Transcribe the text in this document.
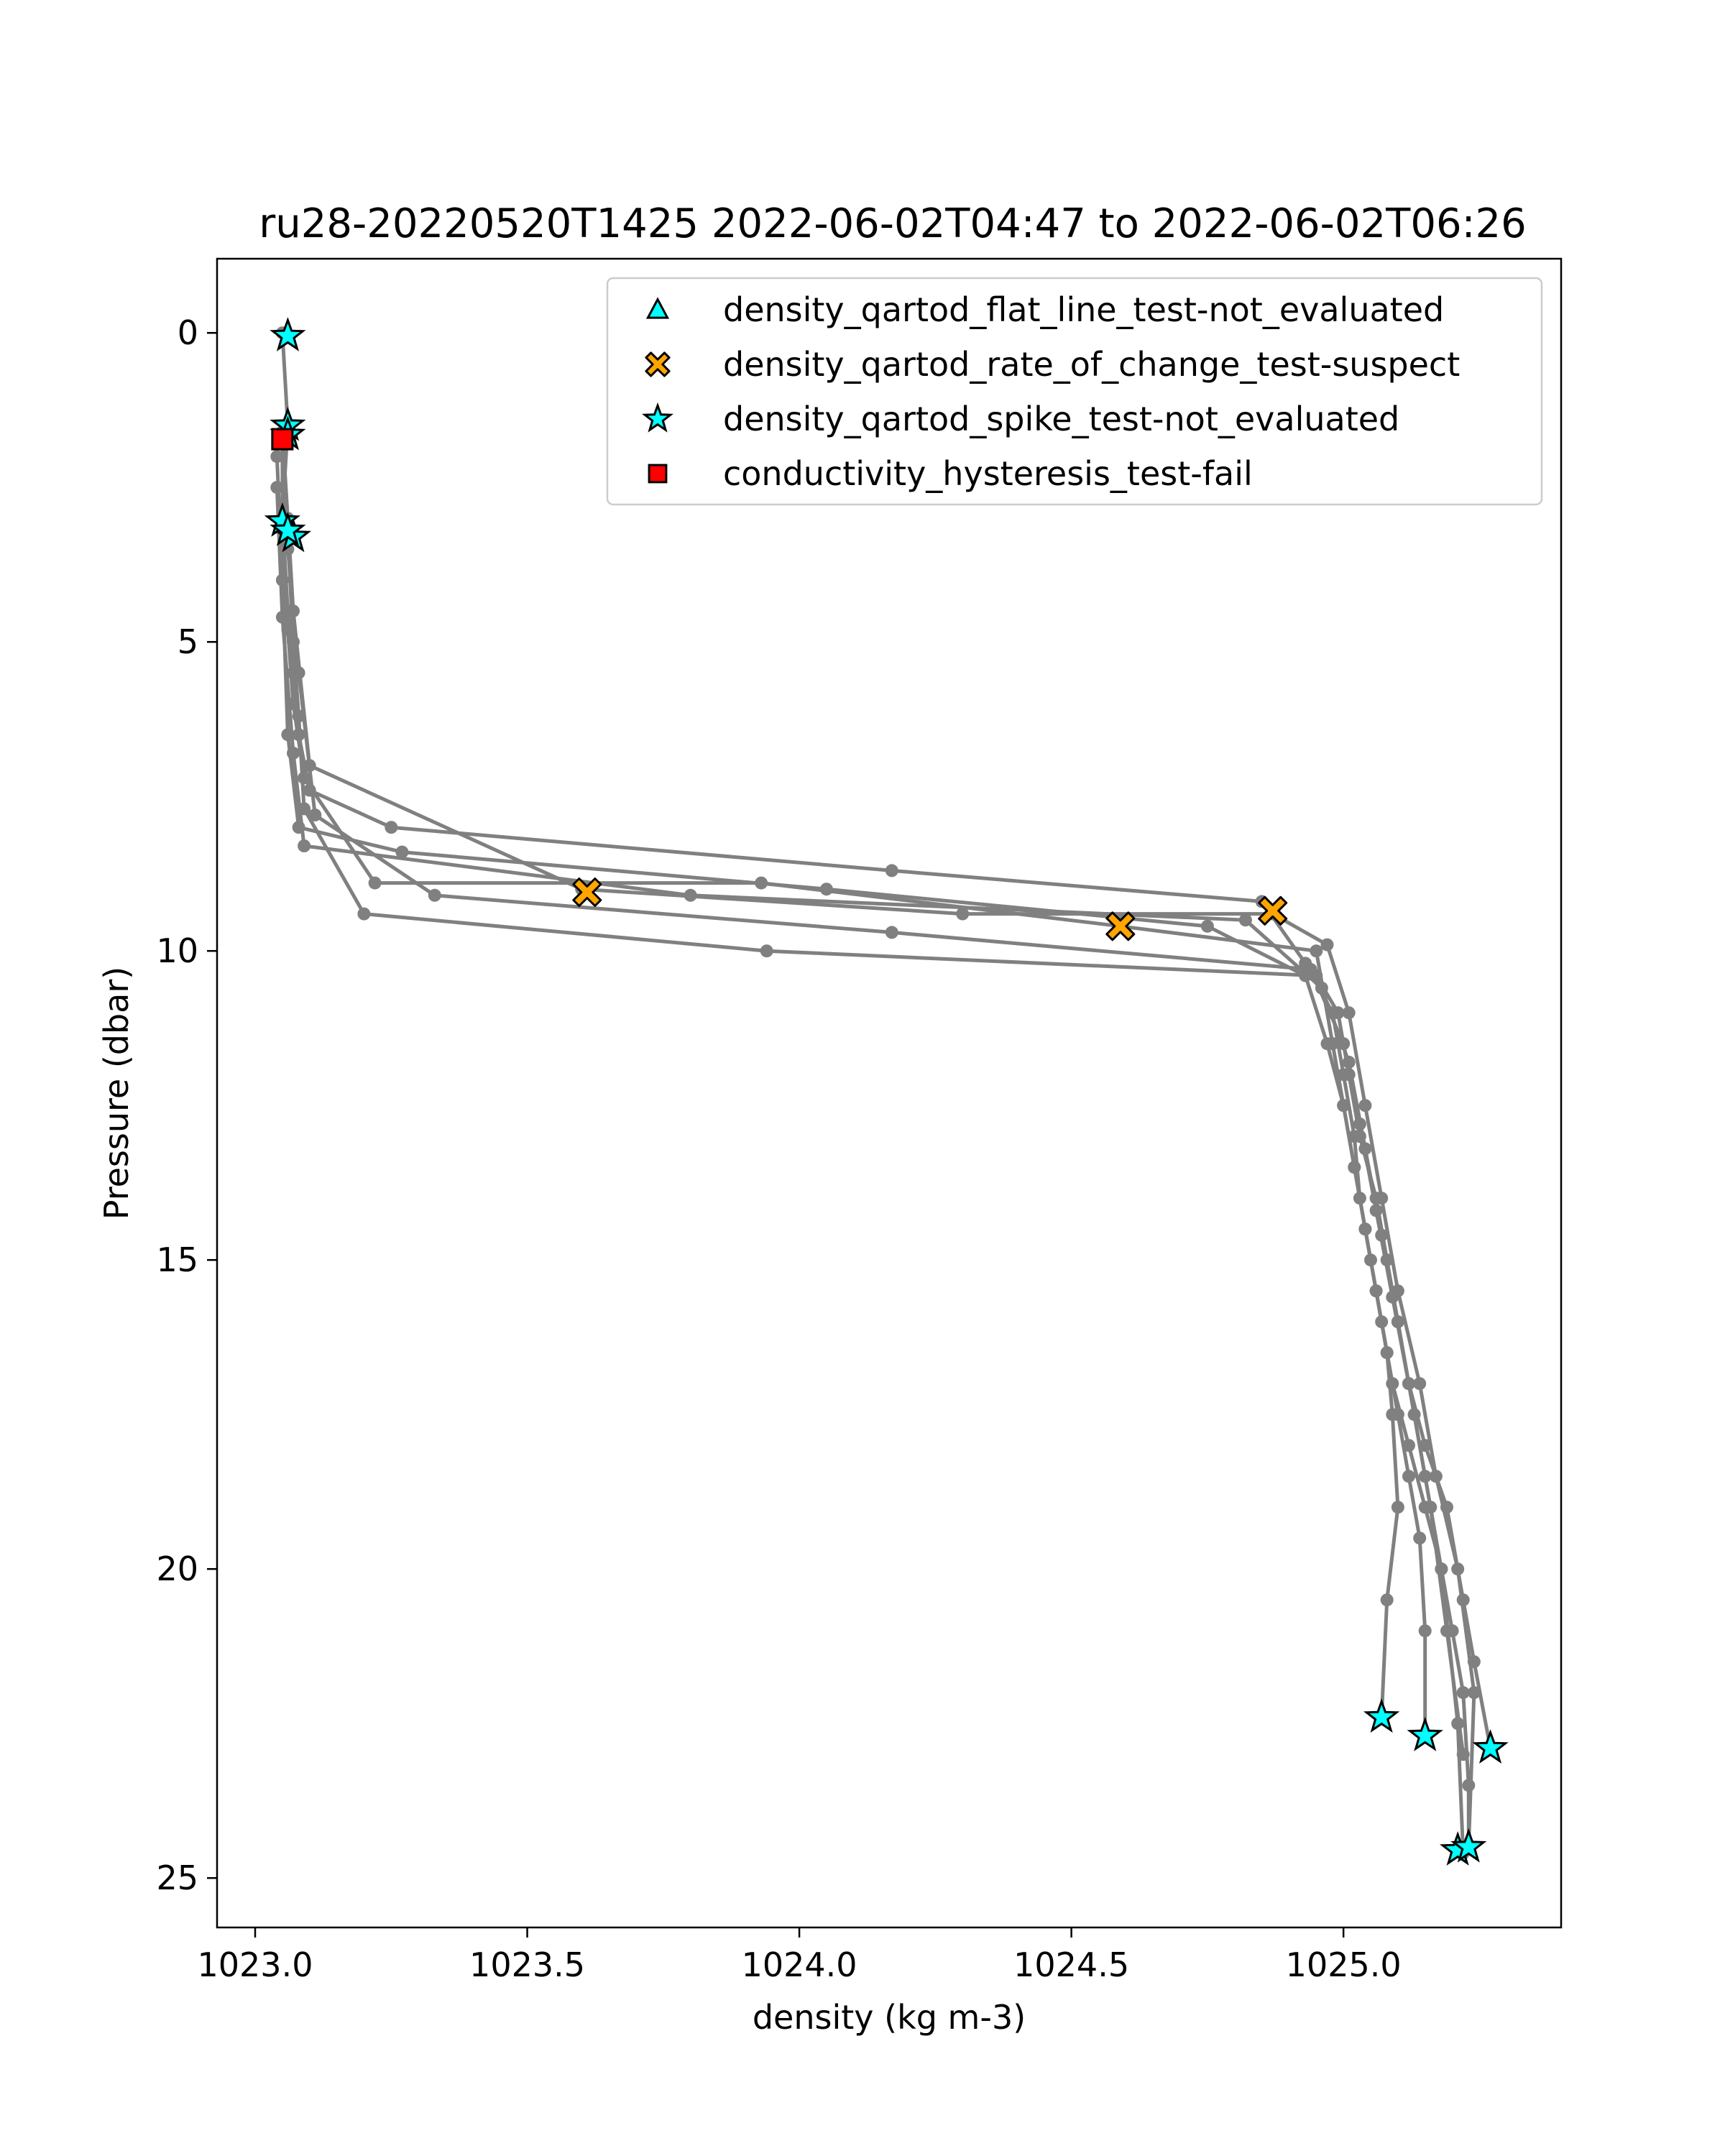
ru28-20220520T1425 2022-06-02T04:47 to 2022-06-02T06:26
1023.0	1023.5	1024.0	1024.5	1025.0
0
5
10
15
20
25
density (kg m-3)
Pressure (dbar)
density_qartod_flat_line_test-not_evaluated
density_qartod_rate_of_change_test-suspect
density_qartod_spike_test-not_evaluated
conductivity_hysteresis_test-fail
